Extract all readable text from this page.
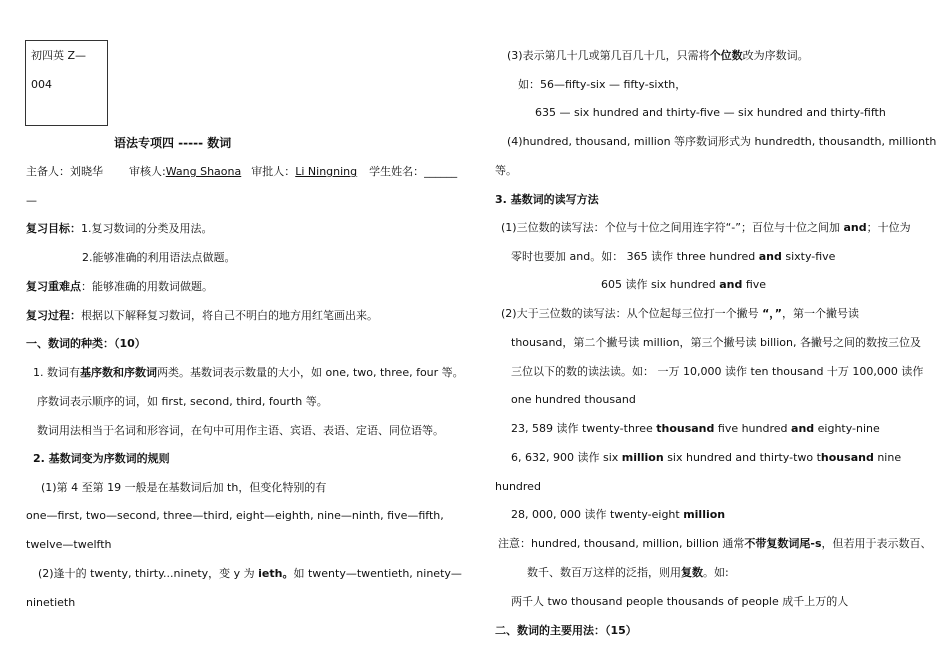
初四英 Z—
004
语法专项四 ----- 数词
主备人：刘晓华 审核人:Wang Shaona 审批人：Li Ningning 学生姓名：______
—
复习目标：1.复习数词的分类及用法。
2.能够准确的利用语法点做题。
复习重难点：能够准确的用数词做题。
复习过程：根据以下解释复习数词，将自己不明白的地方用红笔画出来。
一、数词的种类：（10）
1. 数词有基序数和序数词两类。基数词表示数量的大小，如 one, two, three, four 等。
序数词表示顺序的词，如 first, second, third, fourth 等。
数词用法相当于名词和形容词，在句中可用作主语、宾语、表语、定语、同位语等。
2. 基数词变为序数词的规则
(1)第 4 至第 19 一般是在基数词后加 th，但变化特别的有
one—first, two—second, three—third, eight—eighth, nine—ninth, five—fifth,
twelve—twelfth
(2)逢十的 twenty, thirty...ninety，变 y 为 ieth。如 twenty—twentieth, ninety—
ninetieth
(3)表示第几十几或第几百几十几，只需将个位数改为序数词。
如：56—fifty-six — fifty-sixth，
635 — six hundred and thirty-five — six hundred and thirty-fifth
(4)hundred, thousand, million 等序数词形式为 hundredth, thousandth, millionth
等。
3. 基数词的读写方法
(1)三位数的读写法：个位与十位之间用连字符“-”；百位与十位之间加 and；十位为
零时也要加 and。如： 365 读作 three hundred and sixty-five
605 读作 six hundred and five
(2)大于三位数的读写法：从个位起每三位打一个撇号 “，”，第一个撇号读
thousand，第二个撇号读 million，第三个撇号读 billion, 各撇号之间的数按三位及
三位以下的数的读法读。如： 一万 10,000 读作 ten thousand 十万 100,000 读作
one hundred thousand
23, 589 读作 twenty-three thousand five hundred and eighty-nine
6, 632, 900 读作 six million six hundred and thirty-two thousand nine
hundred
28, 000, 000 读作 twenty-eight million
注意：hundred, thousand, million, billion 通常不带复数词尾-s，但若用于表示数百、
数千、数百万这样的泛指，则用复数。如:
两千人 two thousand people thousands of people 成千上万的人
二、数词的主要用法：（15）
